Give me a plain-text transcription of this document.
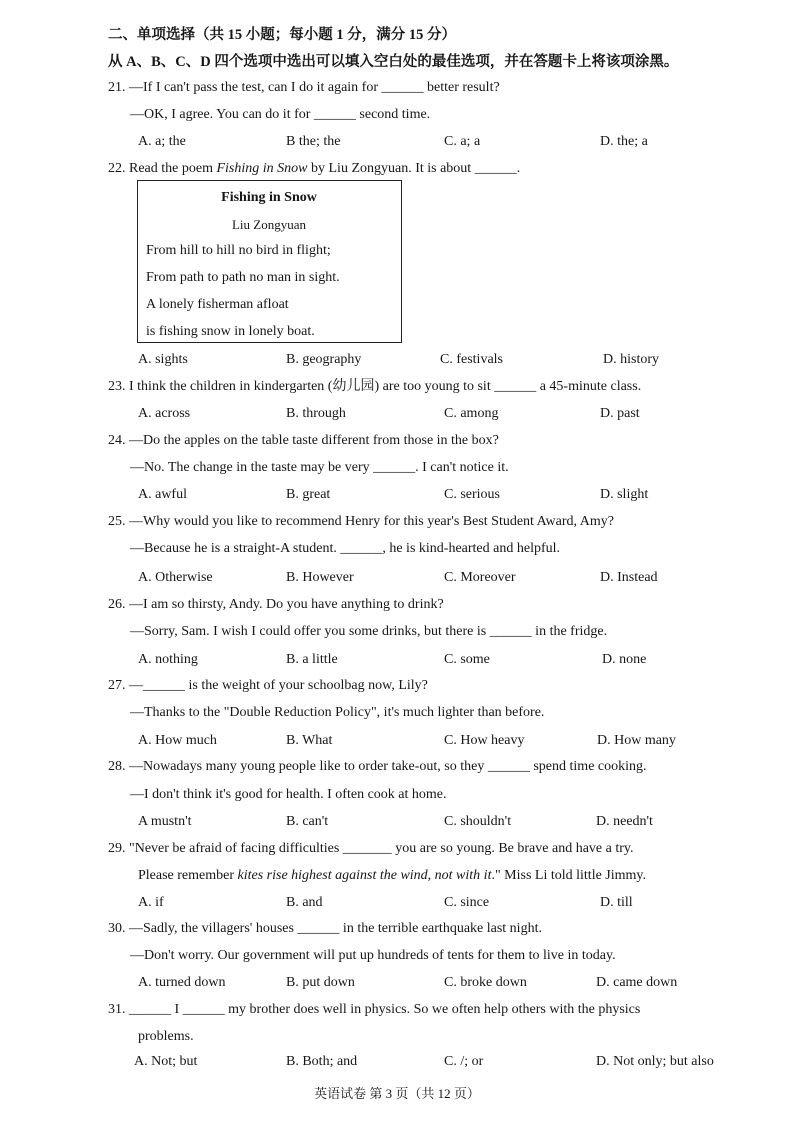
二、单项选择（共 15 小题；每小题 1 分，满分 15 分）
从 A、B、C、D 四个选项中选出可以填入空白处的最佳选项，并在答题卡上将该项涂黑。
21. —If I can't pass the test, can I do it again for ______ better result?
—OK, I agree. You can do it for ______ second time.
A. a; the	B the; the	C. a; a	D. the; a
22. Read the poem Fishing in Snow by Liu Zongyuan. It is about ______.
Fishing in Snow
Liu Zongyuan
From hill to hill no bird in flight;
From path to path no man in sight.
A lonely fisherman afloat
is fishing snow in lonely boat.
A. sights	B. geography	C. festivals	D. history
23. I think the children in kindergarten (幼儿园) are too young to sit ______ a 45-minute class.
A. across	B. through	C. among	D. past
24. —Do the apples on the table taste different from those in the box?
—No. The change in the taste may be very ______. I can't notice it.
A. awful	B. great	C. serious	D. slight
25. —Why would you like to recommend Henry for this year's Best Student Award, Amy?
—Because he is a straight-A student. ______, he is kind-hearted and helpful.
A. Otherwise	B. However	C. Moreover	D. Instead
26. —I am so thirsty, Andy. Do you have anything to drink?
—Sorry, Sam. I wish I could offer you some drinks, but there is ______ in the fridge.
A. nothing	B. a little	C. some	D. none
27. —______ is the weight of your schoolbag now, Lily?
—Thanks to the "Double Reduction Policy", it's much lighter than before.
A. How much	B. What	C. How heavy	D. How many
28. —Nowadays many young people like to order take-out, so they ______ spend time cooking.
—I don't think it's good for health. I often cook at home.
A mustn't	B. can't	C. shouldn't	D. needn't
29. "Never be afraid of facing difficulties _______ you are so young. Be brave and have a try.
Please remember kites rise highest against the wind, not with it." Miss Li told little Jimmy.
A. if	B. and	C. since	D. till
30. —Sadly, the villagers' houses ______ in the terrible earthquake last night.
—Don't worry. Our government will put up hundreds of tents for them to live in today.
A. turned down	B. put down	C. broke down	D. came down
31. ______ I ______ my brother does well in physics. So we often help others with the physics
problems.
A. Not; but	B. Both; and	C. /; or	D. Not only; but also
英语试卷 第 3 页（共 12 页）
